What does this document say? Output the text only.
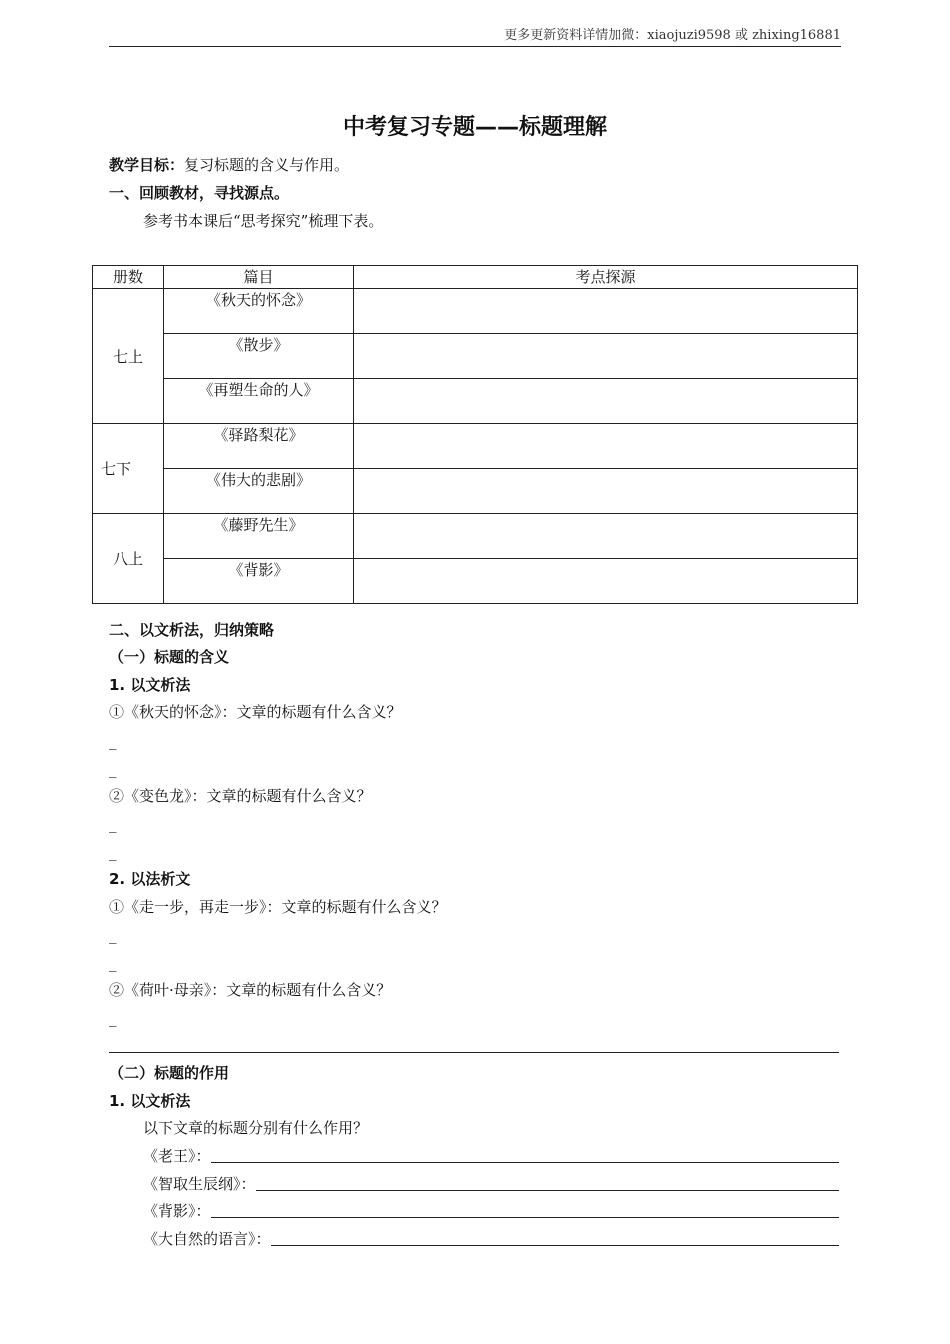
更多更新资料详情加微：xiaojuzi9598 或 zhixing16881
中考复习专题——标题理解
教学目标：复习标题的含义与作用。
一、回顾教材，寻找源点。
参考书本课后“思考探究”梳理下表。
册数	篇目	考点探源
七上	《秋天的怀念》	
	《散步》	
	《再塑生命的人》	
七下	《驿路梨花》	
	《伟大的悲剧》	
八上	《藤野先生》	
	《背影》	
二、以文析法，归纳策略
（一）标题的含义
1. 以文析法
①《秋天的怀念》：文章的标题有什么含义？
_
_
②《变色龙》：文章的标题有什么含义？
_
_
2. 以法析文
①《走一步，再走一步》：文章的标题有什么含义？
_
_
②《荷叶·母亲》：文章的标题有什么含义？
_
（二）标题的作用
1. 以文析法
以下文章的标题分别有什么作用？
《老王》：
《智取生辰纲》：
《背影》：
《大自然的语言》：
